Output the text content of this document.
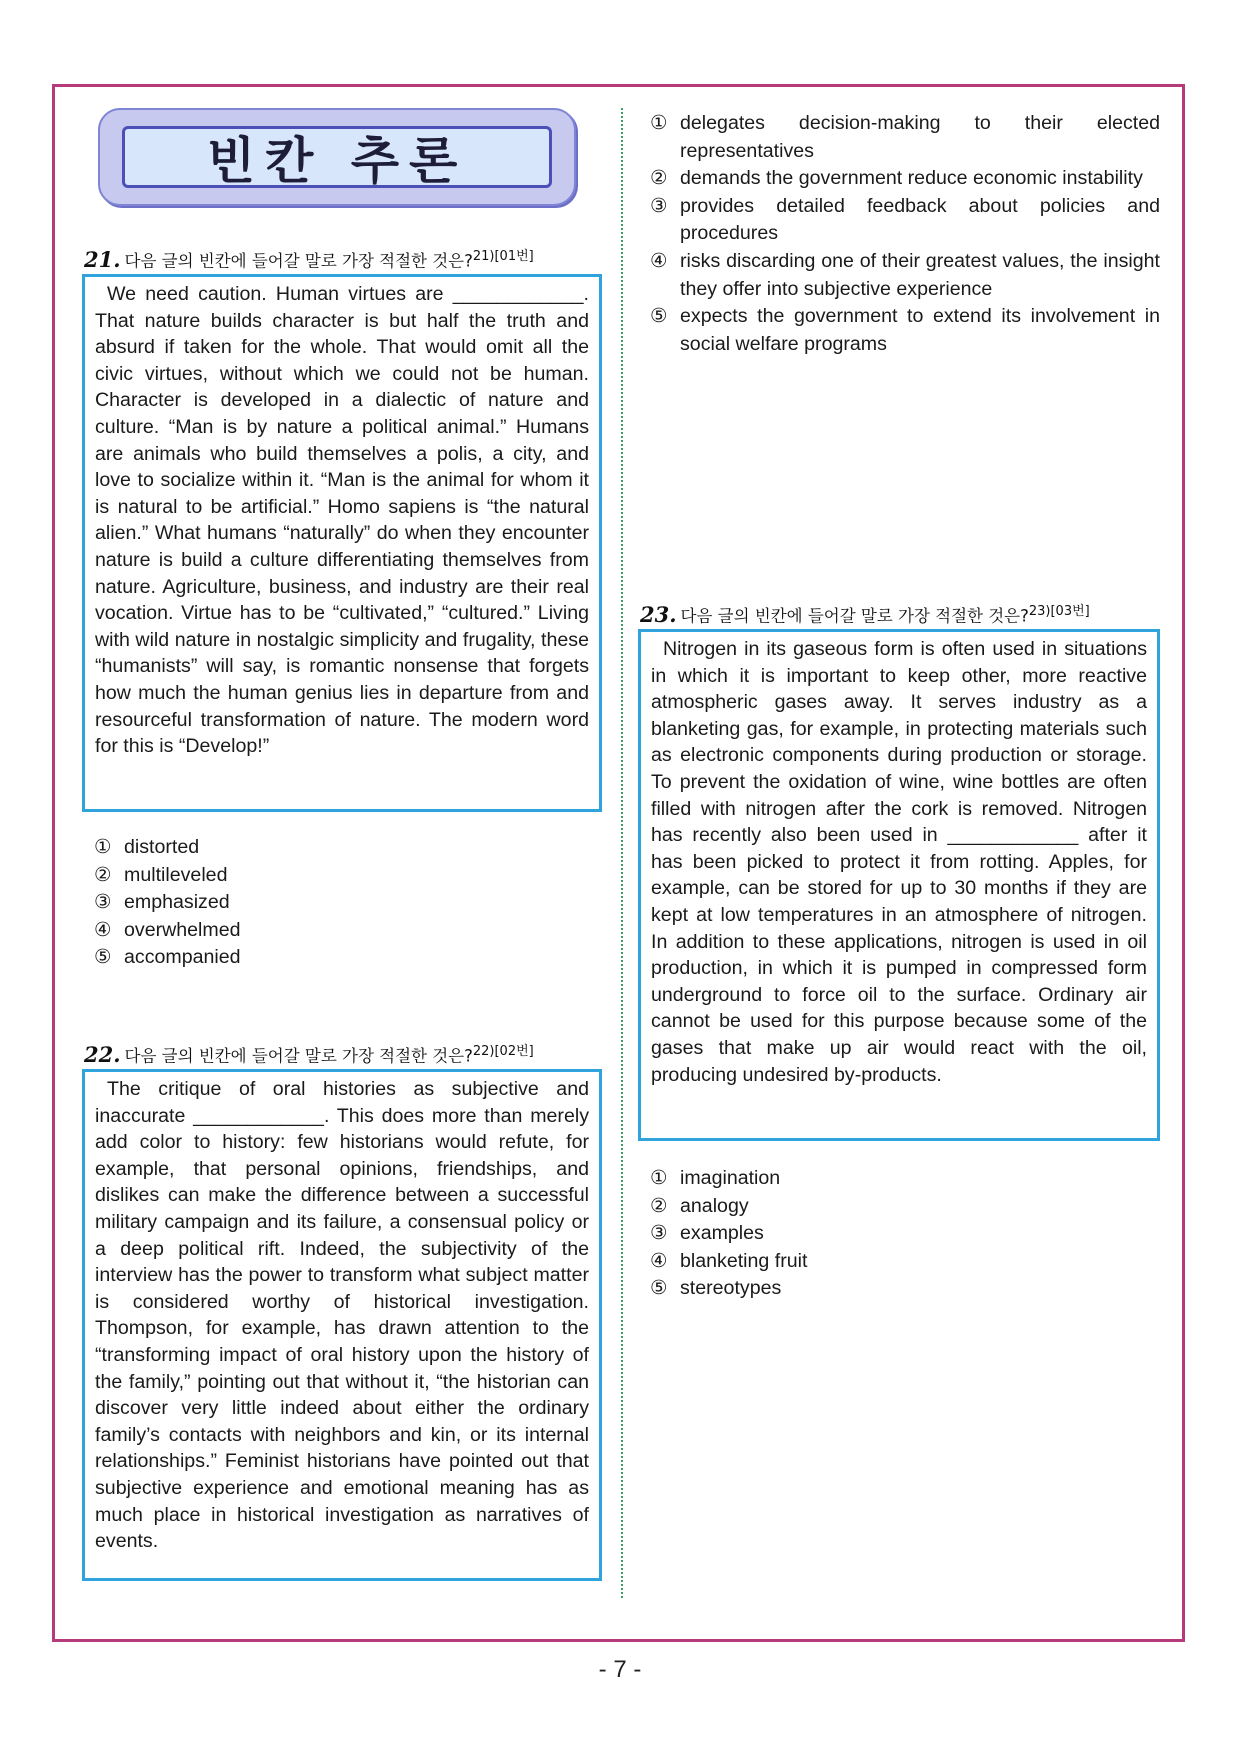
빈칸 추론
21. 다음 글의 빈칸에 들어갈 말로 가장 적절한 것은?$^{21)[01번]}$

We need caution. Human virtues are ____________. That nature builds character is but half the truth and absurd if taken for the whole. That would omit all the civic virtues, without which we could not be human. Character is developed in a dialectic of nature and culture. “Man is by nature a political animal.” Humans are animals who build themselves a polis, a city, and love to socialize within it. “Man is the animal for whom it is natural to be artificial.” Homo sapiens is “the natural alien.” What humans “naturally” do when they encounter nature is build a culture differentiating themselves from nature. Agriculture, business, and industry are their real vocation. Virtue has to be “cultivated,” “cultured.” Living with wild nature in nostalgic simplicity and frugality, these “humanists” will say, is romantic nonsense that forgets how much the human genius lies in departure from and resourceful transformation of nature. The modern word for this is “Develop!”

① distorted
② multileveled
③ emphasized
④ overwhelmed
⑤ accompanied
22. 다음 글의 빈칸에 들어갈 말로 가장 적절한 것은?$^{22)[02번]}$

The critique of oral histories as subjective and inaccurate ____________. This does more than merely add color to history: few historians would refute, for example, that personal opinions, friendships, and dislikes can make the difference between a successful military campaign and its failure, a consensual policy or a deep political rift. Indeed, the subjectivity of the interview has the power to transform what subject matter is considered worthy of historical investigation. Thompson, for example, has drawn attention to the “transforming impact of oral history upon the history of the family,” pointing out that without it, “the historian can discover very little indeed about either the ordinary family’s contacts with neighbors and kin, or its internal relationships.” Feminist historians have pointed out that subjective experience and emotional meaning has as much place in historical investigation as narratives of events.

① delegates decision-making to their elected representatives
② demands the government reduce economic instability
③ provides detailed feedback about policies and procedures
④ risks discarding one of their greatest values, the insight they offer into subjective experience
⑤ expects the government to extend its involvement in social welfare programs
23. 다음 글의 빈칸에 들어갈 말로 가장 적절한 것은?$^{23)[03번]}$

Nitrogen in its gaseous form is often used in situations in which it is important to keep other, more reactive atmospheric gases away. It serves industry as a blanketing gas, for example, in protecting materials such as electronic components during production or storage. To prevent the oxidation of wine, wine bottles are often filled with nitrogen after the cork is removed. Nitrogen has recently also been used in ____________ after it has been picked to protect it from rotting. Apples, for example, can be stored for up to 30 months if they are kept at low temperatures in an atmosphere of nitrogen. In addition to these applications, nitrogen is used in oil production, in which it is pumped in compressed form underground to force oil to the surface. Ordinary air cannot be used for this purpose because some of the gases that make up air would react with the oil, producing undesired by-products.

① imagination
② analogy
③ examples
④ blanketing fruit
⑤ stereotypes
- 7 -
